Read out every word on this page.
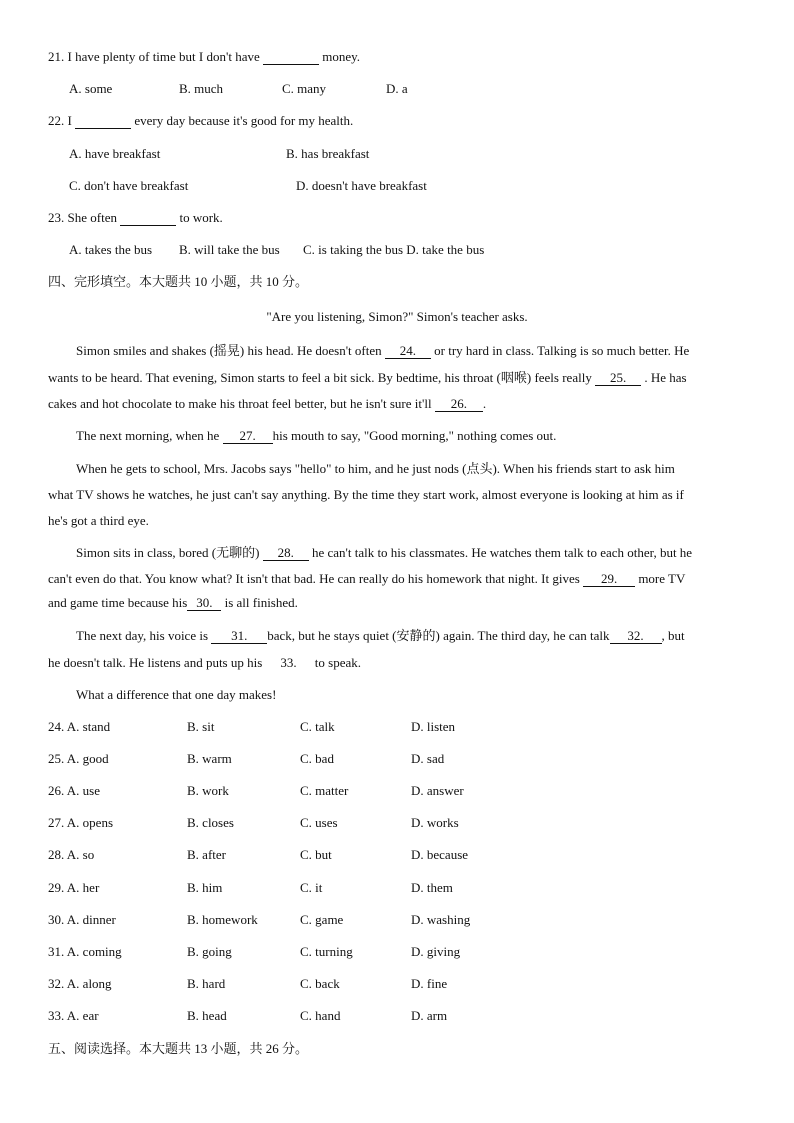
21. I have plenty of time but I don't have	money.
A. some	B. much	C. many	D. a
22. I	every day because it's good for my health.
A. have breakfast	B. has breakfast
C. don't have breakfast	D. doesn't have breakfast
23. She often	to work.
A. takes the bus B. will take the bus C. is taking the bus D. take the bus
四、完形填空。本大题共 10 小题，共 10 分。
"Are you listening, Simon?" Simon's teacher asks.
Simon smiles and shakes (摇晃) his head. He doesn't often 24. or try hard in class. Talking is so much better. He
wants to be heard. That evening, Simon starts to feel a bit sick. By bedtime, his throat (咽喉) feels really 25. . He has
cakes and hot chocolate to make his throat feel better, but he isn't sure it'll 26. .
The next morning, when he 27. his mouth to say, "Good morning," nothing comes out.
When he gets to school, Mrs. Jacobs says "hello" to him, and he just nods (点头). When his friends start to ask him
what TV shows he watches, he just can't say anything. By the time they start work, almost everyone is looking at him as if
he's got a third eye.
Simon sits in class, bored (无聊的) 28. he can't talk to his classmates. He watches them talk to each other, but he
can't even do that. You know what? It isn't that bad. He can really do his homework that night. It gives 29. more TV
and game time because his 30. is all finished.
The next day, his voice is 31. back, but he stays quiet (安静的) again. The third day, he can talk 32. , but
he doesn't talk. He listens and puts up his 33. to speak.
What a difference that one day makes!
24. A. stand	B. sit	C. talk	D. listen
25. A. good	B. warm	C. bad	D. sad
26. A. use	B. work	C. matter	D. answer
27. A. opens	B. closes	C. uses	D. works
28. A. so	B. after	C. but	D. because
29. A. her	B. him	C. it	D. them
30. A. dinner	B. homework	C. game	D. washing
31. A. coming	B. going	C. turning	D. giving
32. A. along	B. hard	C. back	D. fine
33. A. ear	B. head	C. hand	D. arm
五、阅读选择。本大题共 13 小题，共 26 分。
